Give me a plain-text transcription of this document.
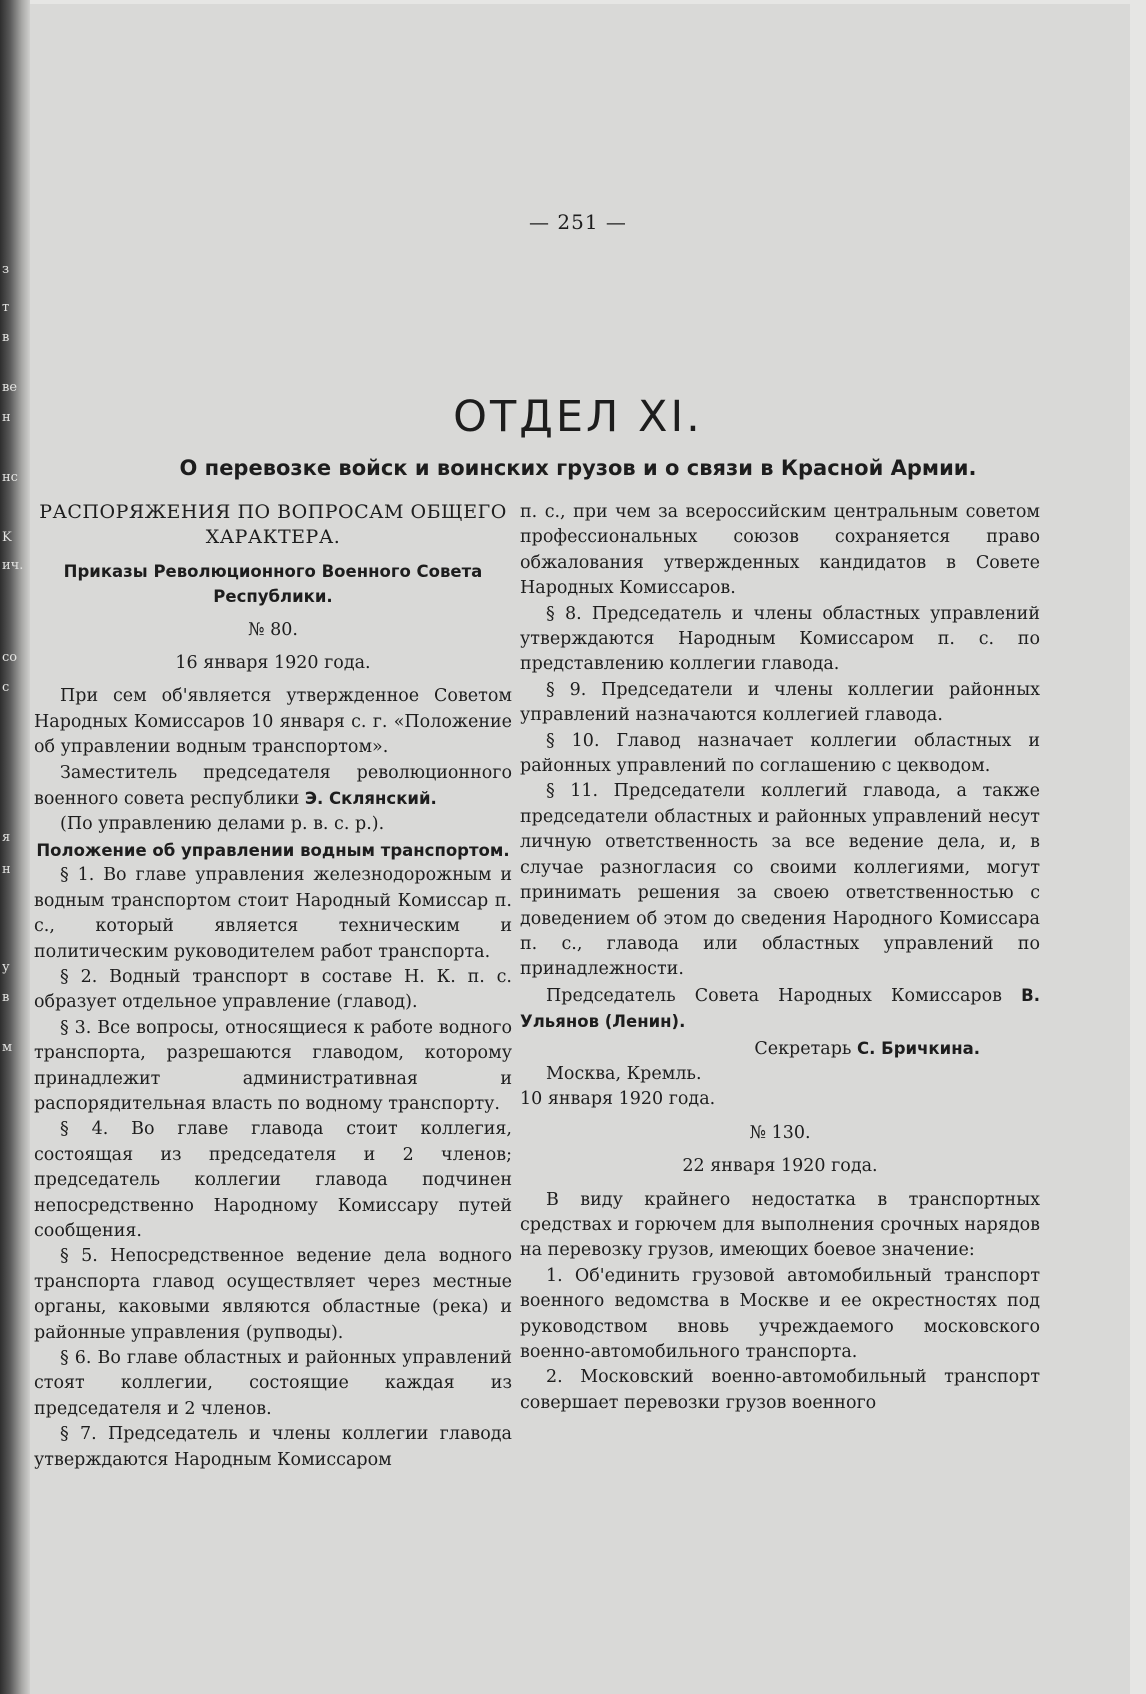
— 251 —
ОТДЕЛ XI.
О перевозке войск и воинских грузов и о связи в Красной Армии.

РАСПОРЯЖЕНИЯ ПО ВОПРОСАМ ОБЩЕГО ХАРАКТЕРА.

Приказы Революционного Военного Совета Республики.

№ 80.

16 января 1920 года.

При сем об'является утвержденное Советом Народных Комиссаров 10 января с. г. «Положение об управлении водным транспортом».

Заместитель председателя революционного военного совета республики Э. Склянский.

(По управлению делами р. в. с. р.).

Положение об управлении водным транспортом.

§ 1. Во главе управления железнодорожным и водным транспортом стоит Народный Комиссар п. с., который является техническим и политическим руководителем работ транспорта.

§ 2. Водный транспорт в составе Н. К. п. с. образует отдельное управление (главод).

§ 3. Все вопросы, относящиеся к работе водного транспорта, разрешаются главодом, которому принадлежит административная и распорядительная власть по водному транспорту.

§ 4. Во главе главода стоит коллегия, состоящая из председателя и 2 членов; председатель коллегии главода подчинен непосредственно Народному Комиссару путей сообщения.

§ 5. Непосредственное ведение дела водного транспорта главод осуществляет через местные органы, каковыми являются областные (река) и районные управления (рупводы).

§ 6. Во главе областных и районных управлений стоят коллегии, состоящие каждая из председателя и 2 членов.

§ 7. Председатель и члены коллегии главода утверждаются Народным Комиссаром

п. с., при чем за всероссийским центральным советом профессиональных союзов сохраняется право обжалования утвержденных кандидатов в Совете Народных Комиссаров.

§ 8. Председатель и члены областных управлений утверждаются Народным Комиссаром п. с. по представлению коллегии главода.

§ 9. Председатели и члены коллегии районных управлений назначаются коллегией главода.

§ 10. Главод назначает коллегии областных и районных управлений по соглашению с цекводом.

§ 11. Председатели коллегий главода, а также председатели областных и районных управлений несут личную ответственность за все ведение дела, и, в случае разногласия со своими коллегиями, могут принимать решения за своею ответственностью с доведением об этом до сведения Народного Комиссара п. с., главода или областных управлений по принадлежности.

Председатель Совета Народных Комиссаров В. Ульянов (Ленин).

Секретарь С. Бричкина.

Москва, Кремль.

10 января 1920 года.

№ 130.

22 января 1920 года.

В виду крайнего недостатка в транспортных средствах и горючем для выполнения срочных нарядов на перевозку грузов, имеющих боевое значение:

1. Об'единить грузовой автомобильный транспорт военного ведомства в Москве и ее окрестностях под руководством вновь учреждаемого московского военно-автомобильного транспорта.

2. Московский военно-автомобильный транспорт совершает перевозки грузов военного

з
т
в
ве
н
нс
K
ич.
со
с
я
н
у
в
м
